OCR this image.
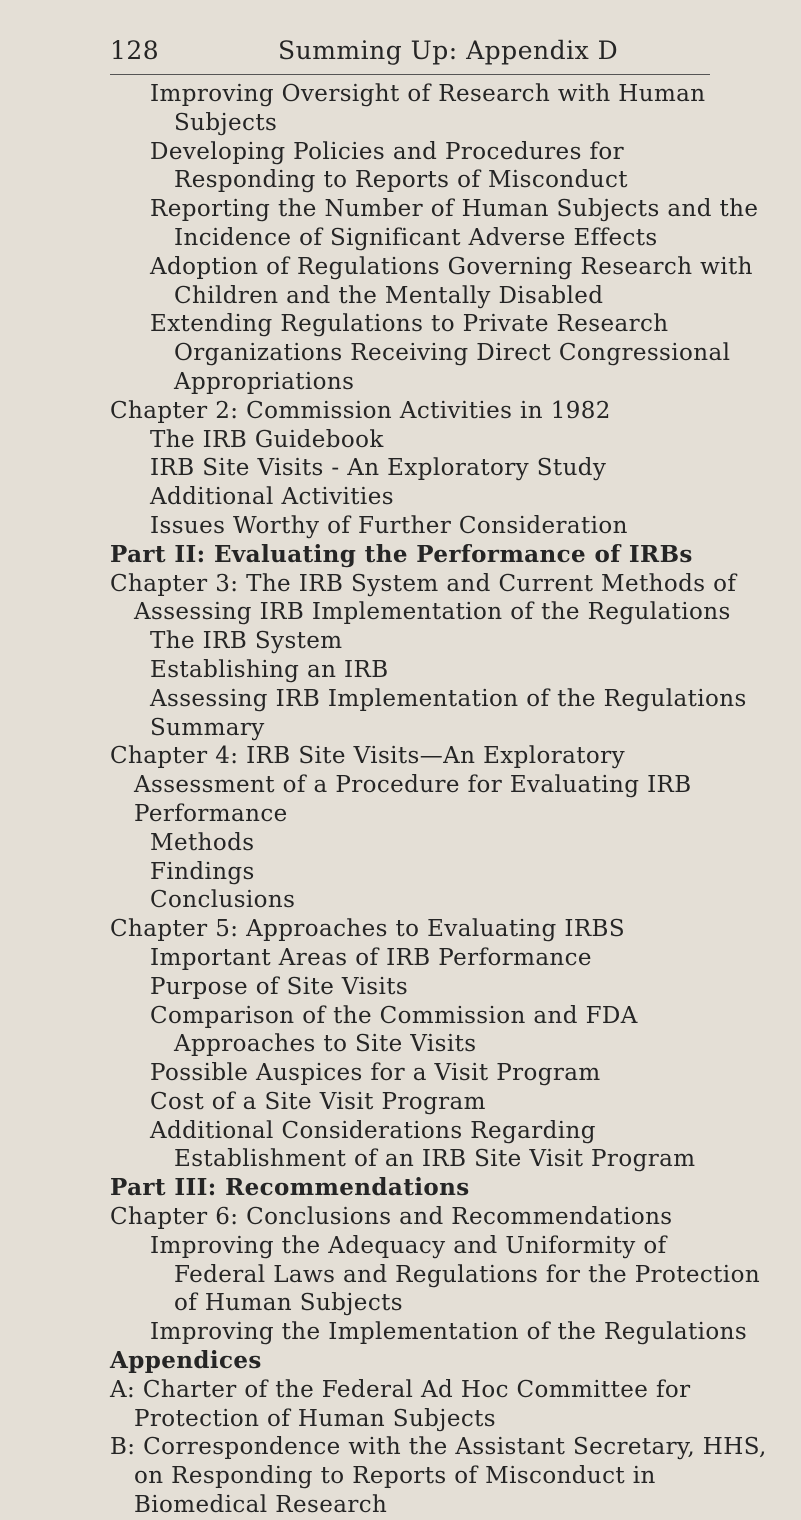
128	Summing Up: Appendix D
Improving Oversight of Research with Human
Subjects
Developing Policies and Procedures for
Responding to Reports of Misconduct
Reporting the Number of Human Subjects and the
Incidence of Significant Adverse Effects
Adoption of Regulations Governing Research with
Children and the Mentally Disabled
Extending Regulations to Private Research
Organizations Receiving Direct Congressional
Appropriations
Chapter 2: Commission Activities in 1982
The IRB Guidebook
IRB Site Visits - An Exploratory Study
Additional Activities
Issues Worthy of Further Consideration
Part II: Evaluating the Performance of IRBs
Chapter 3: The IRB System and Current Methods of
Assessing IRB Implementation of the Regulations
The IRB System
Establishing an IRB
Assessing IRB Implementation of the Regulations
Summary
Chapter 4: IRB Site Visits—An Exploratory
Assessment of a Procedure for Evaluating IRB
Performance
Methods
Findings
Conclusions
Chapter 5: Approaches to Evaluating IRBS
Important Areas of IRB Performance
Purpose of Site Visits
Comparison of the Commission and FDA
Approaches to Site Visits
Possible Auspices for a Visit Program
Cost of a Site Visit Program
Additional Considerations Regarding
Establishment of an IRB Site Visit Program
Part III: Recommendations
Chapter 6: Conclusions and Recommendations
Improving the Adequacy and Uniformity of
Federal Laws and Regulations for the Protection
of Human Subjects
Improving the Implementation of the Regulations
Appendices
A: Charter of the Federal Ad Hoc Committee for
Protection of Human Subjects
B: Correspondence with the Assistant Secretary, HHS,
on Responding to Reports of Misconduct in
Biomedical Research
